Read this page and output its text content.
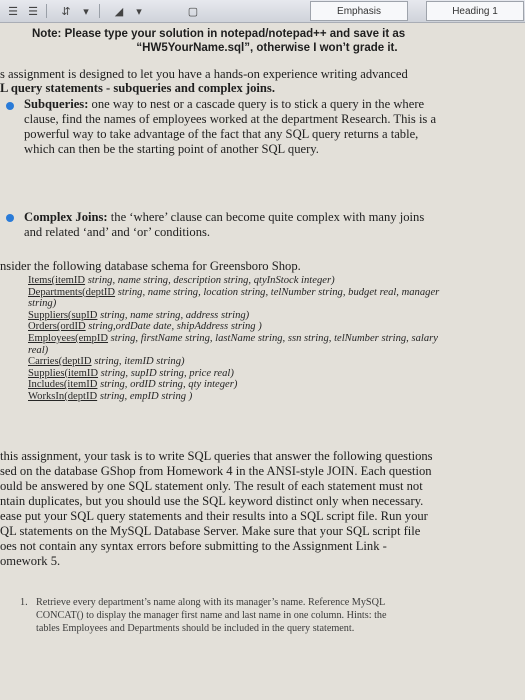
☰ ☰ ⇵	▾	◢	▾	▢	Emphasis	Heading 1
Note: Please type your solution in notepad/notepad++ and save it as
“HW5YourName.sql”, otherwise I won’t grade it.
s assignment is designed to let you have a hands-on experience writing advanced
L query statements - subqueries and complex joins.
Subqueries: one way to nest or a cascade query is to stick a query in the where
clause, find the names of employees worked at the department Research. This is a
powerful way to take advantage of the fact that any SQL query returns a table,
which can then be the starting point of another SQL query.
Complex Joins: the ‘where’ clause can become quite complex with many joins
and related ‘and’ and ‘or’ conditions.
nsider the following database schema for Greensboro Shop.
Items(itemID string, name string, description string, qtyInStock integer)
Departments(deptID string, name string, location string, telNumber string, budget real, manager
string)
Suppliers(supID string, name string, address string)
Orders(ordID string,ordDate date, shipAddress string )
Employees(empID string, firstName string, lastName string, ssn string, telNumber string, salary
real)
Carries(deptID string, itemID string)
Supplies(itemID string, supID string, price real)
Includes(itemID string, ordID string, qty integer)
WorksIn(deptID string, empID string )
this assignment, your task is to write SQL queries that answer the following questions
sed on the database GShop from Homework 4 in the ANSI-style JOIN. Each question
ould be answered by one SQL statement only. The result of each statement must not
ntain duplicates, but you should use the SQL keyword distinct only when necessary.
ease put your SQL query statements and their results into a SQL script file. Run your
QL statements on the MySQL Database Server. Make sure that your SQL script file
oes not contain any syntax errors before submitting to the Assignment Link -
omework 5.
1. Retrieve every department’s name along with its manager’s name. Reference MySQL
CONCAT() to display the manager first name and last name in one column. Hints: the
tables Employees and Departments should be included in the query statement.
